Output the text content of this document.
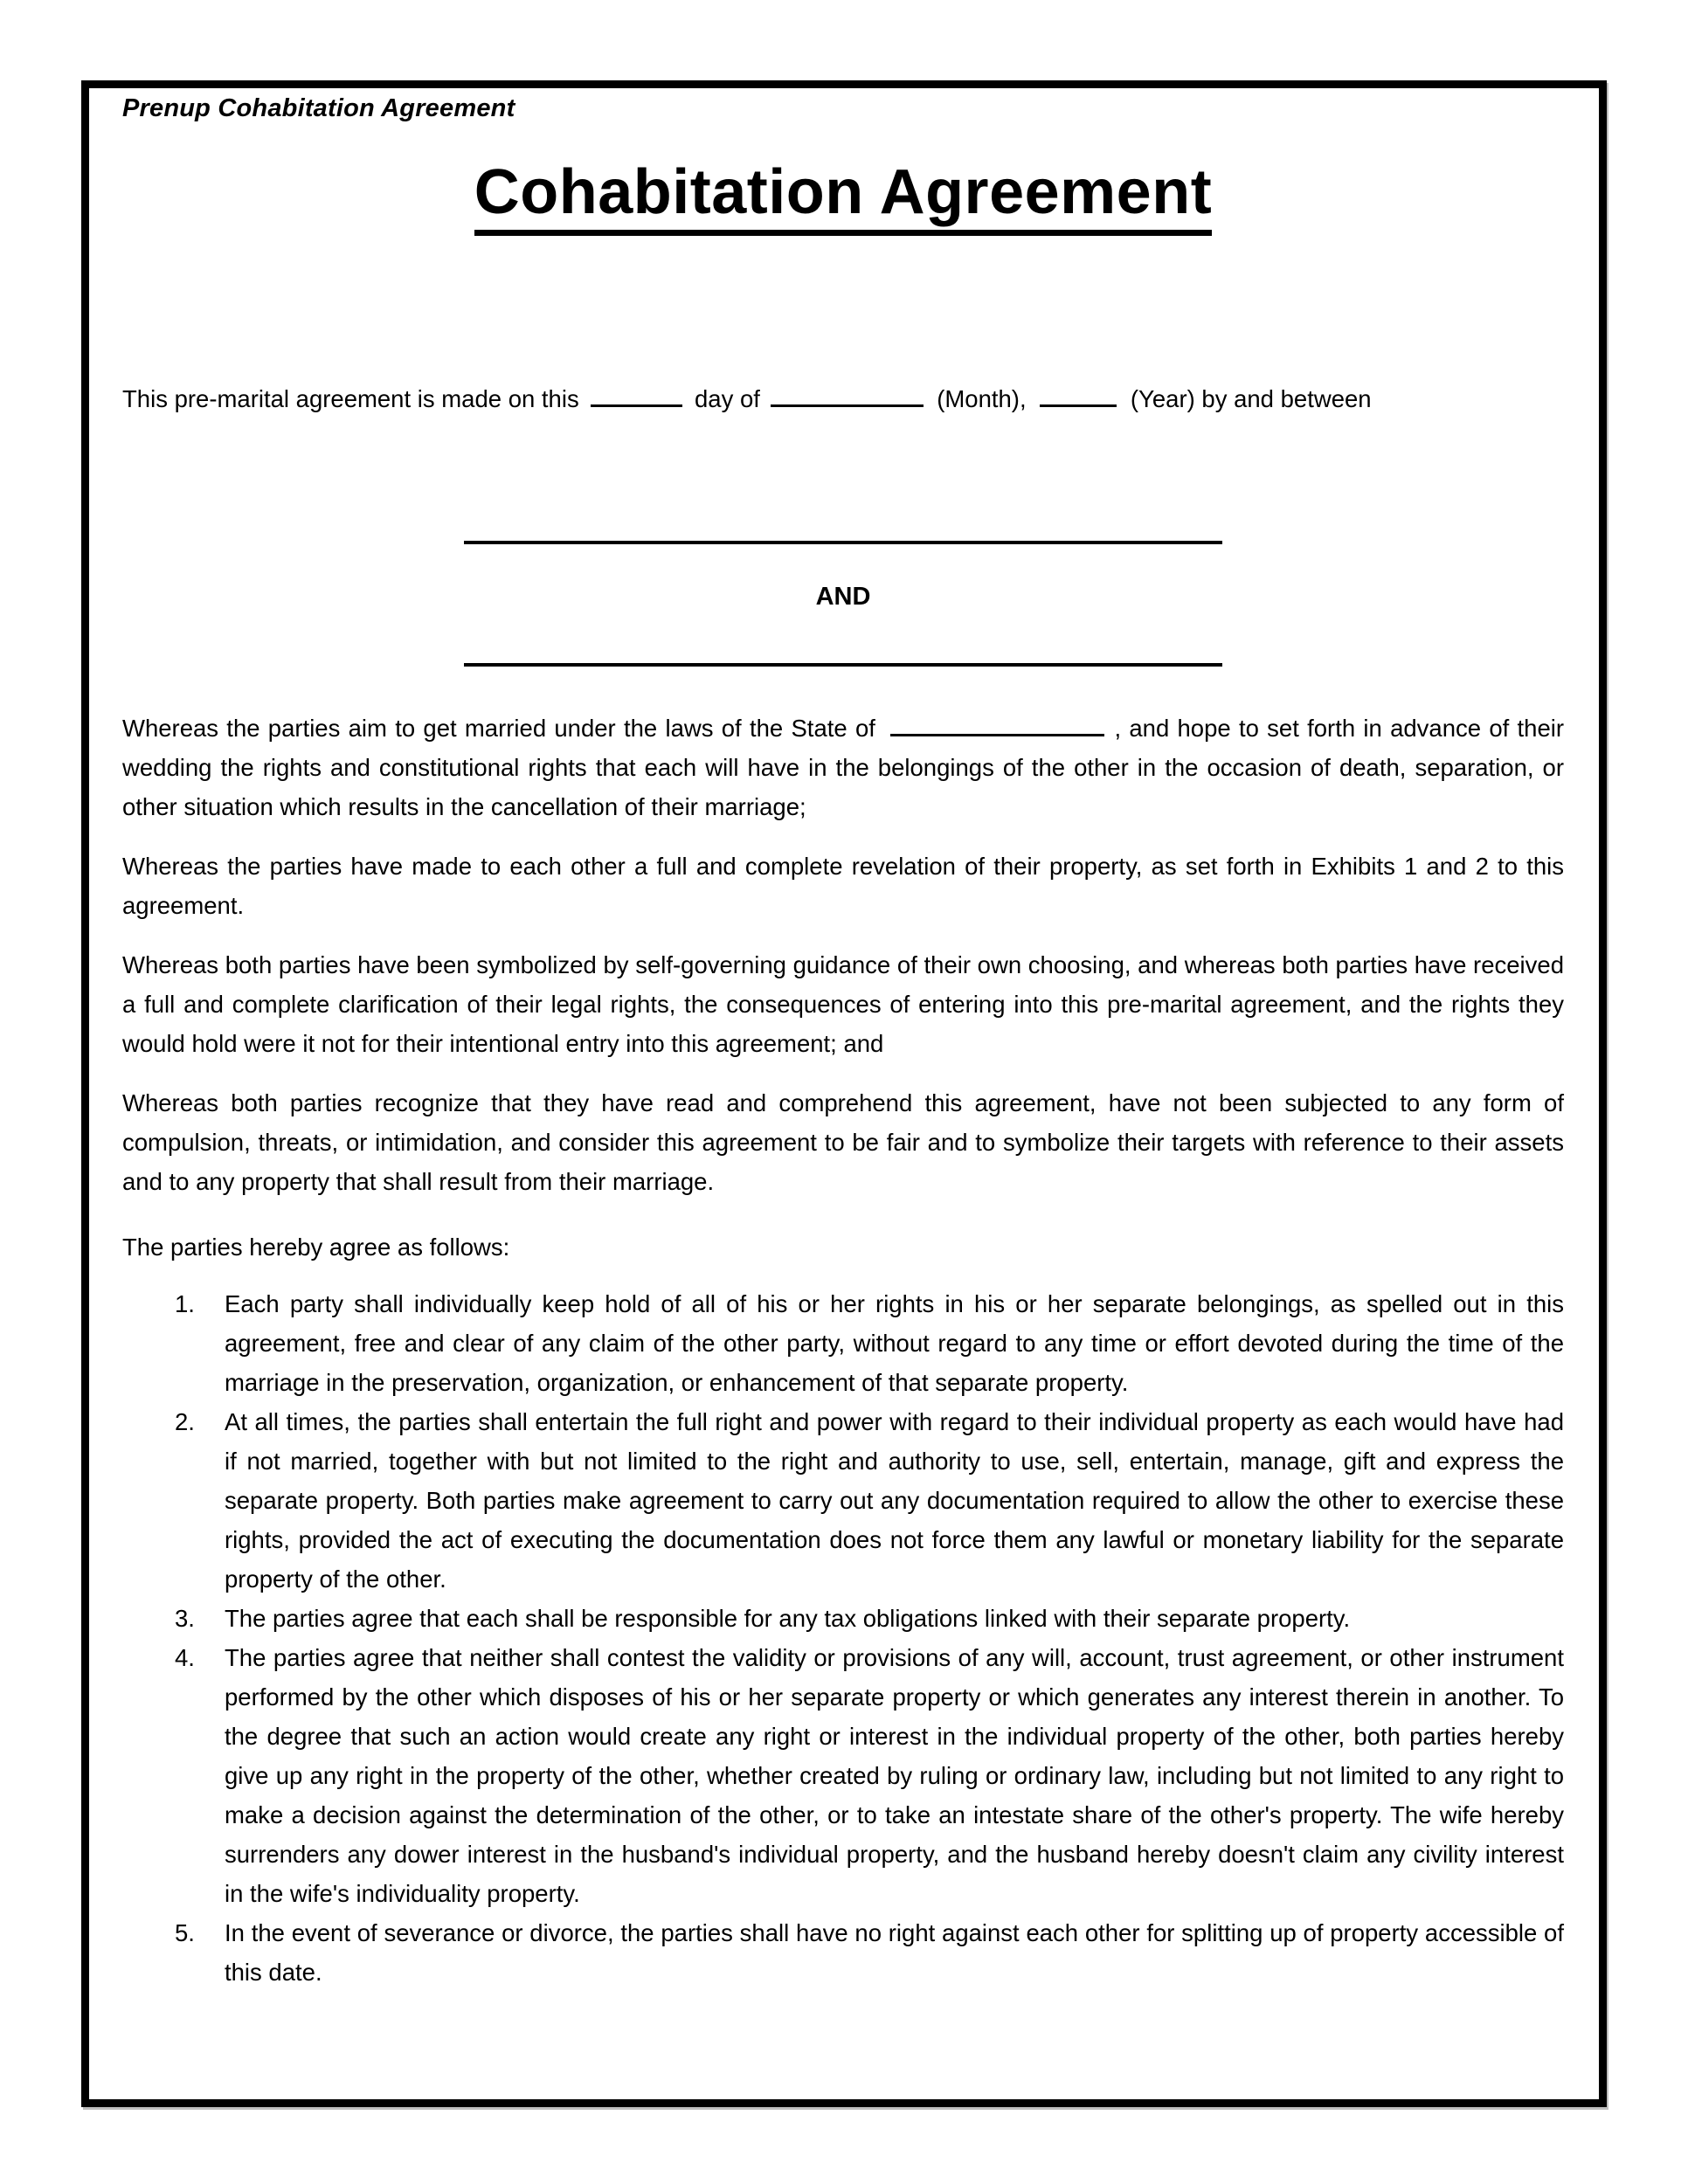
Prenup Cohabitation Agreement
Cohabitation Agreement

This pre-marital agreement is made on this	day of	(Month),	(Year) by and between

AND

Whereas the parties aim to get married under the laws of the State of	, and hope to set forth in advance of their wedding the rights and constitutional rights that each will have in the belongings of the other in the occasion of death, separation, or other situation which results in the cancellation of their marriage;

Whereas the parties have made to each other a full and complete revelation of their property, as set forth in Exhibits 1 and 2 to this agreement.

Whereas both parties have been symbolized by self-governing guidance of their own choosing, and whereas both parties have received a full and complete clarification of their legal rights, the consequences of entering into this pre-marital agreement, and the rights they would hold were it not for their intentional entry into this agreement; and

Whereas both parties recognize that they have read and comprehend this agreement, have not been subjected to any form of compulsion, threats, or intimidation, and consider this agreement to be fair and to symbolize their targets with reference to their assets and to any property that shall result from their marriage.

The parties hereby agree as follows:

1.	Each party shall individually keep hold of all of his or her rights in his or her separate belongings, as spelled out in this agreement, free and clear of any claim of the other party, without regard to any time or effort devoted during the time of the marriage in the preservation, organization, or enhancement of that separate property.
2.	At all times, the parties shall entertain the full right and power with regard to their individual property as each would have had if not married, together with but not limited to the right and authority to use, sell, entertain, manage, gift and express the separate property. Both parties make agreement to carry out any documentation required to allow the other to exercise these rights, provided the act of executing the documentation does not force them any lawful or monetary liability for the separate property of the other.
3.	The parties agree that each shall be responsible for any tax obligations linked with their separate property.
4.	The parties agree that neither shall contest the validity or provisions of any will, account, trust agreement, or other instrument performed by the other which disposes of his or her separate property or which generates any interest therein in another. To the degree that such an action would create any right or interest in the individual property of the other, both parties hereby give up any right in the property of the other, whether created by ruling or ordinary law, including but not limited to any right to make a decision against the determination of the other, or to take an intestate share of the other's property. The wife hereby surrenders any dower interest in the husband's individual property, and the husband hereby doesn't claim any civility interest in the wife's individuality property.
5.	In the event of severance or divorce, the parties shall have no right against each other for splitting up of property accessible of this date.
